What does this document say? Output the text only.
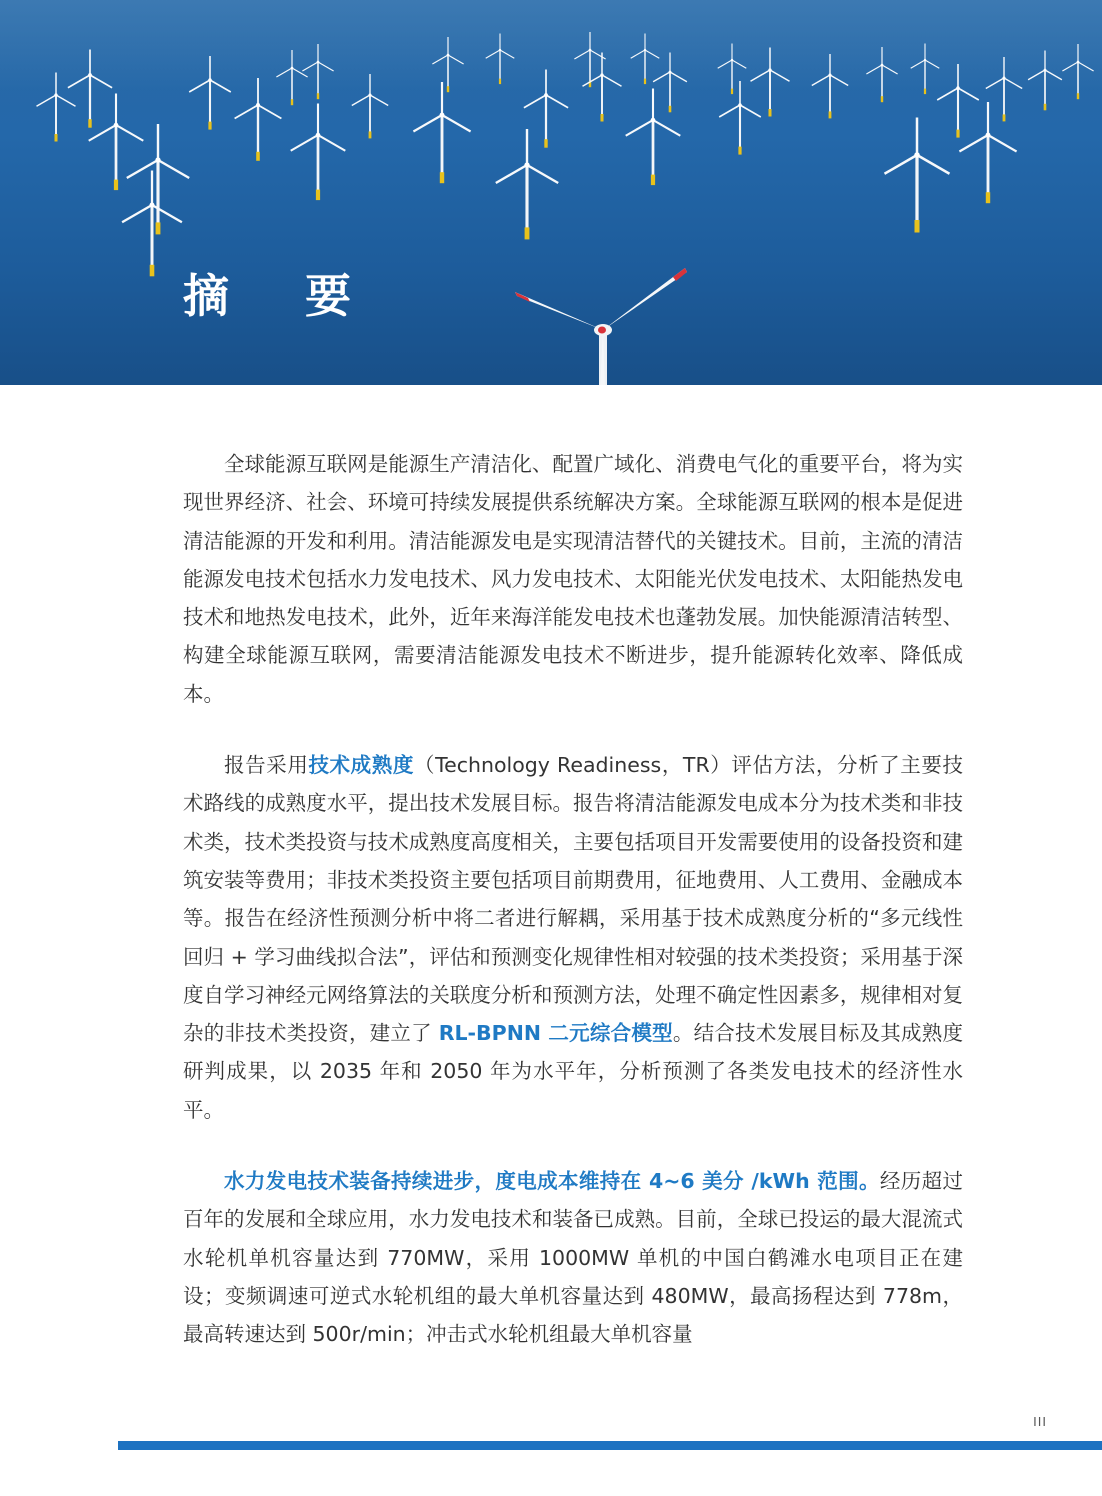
摘 要

全球能源互联网是能源生产清洁化、配置广域化、消费电气化的重要平台，将为实现世界经济、社会、环境可持续发展提供系统解决方案。全球能源互联网的根本是促进清洁能源的开发和利用。清洁能源发电是实现清洁替代的关键技术。目前，主流的清洁能源发电技术包括水力发电技术、风力发电技术、太阳能光伏发电技术、太阳能热发电技术和地热发电技术，此外，近年来海洋能发电技术也蓬勃发展。加快能源清洁转型、构建全球能源互联网，需要清洁能源发电技术不断进步，提升能源转化效率、降低成本。

报告采用技术成熟度（Technology Readiness，TR）评估方法，分析了主要技术路线的成熟度水平，提出技术发展目标。报告将清洁能源发电成本分为技术类和非技术类，技术类投资与技术成熟度高度相关，主要包括项目开发需要使用的设备投资和建筑安装等费用；非技术类投资主要包括项目前期费用，征地费用、人工费用、金融成本等。报告在经济性预测分析中将二者进行解耦，采用基于技术成熟度分析的“多元线性回归 + 学习曲线拟合法”，评估和预测变化规律性相对较强的技术类投资；采用基于深度自学习神经元网络算法的关联度分析和预测方法，处理不确定性因素多，规律相对复杂的非技术类投资，建立了 RL-BPNN 二元综合模型。结合技术发展目标及其成熟度研判成果，以 2035 年和 2050 年为水平年，分析预测了各类发电技术的经济性水平。

水力发电技术装备持续进步，度电成本维持在 4~6 美分 /kWh 范围。经历超过百年的发展和全球应用，水力发电技术和装备已成熟。目前，全球已投运的最大混流式水轮机单机容量达到 770MW，采用 1000MW 单机的中国白鹤滩水电项目正在建设；变频调速可逆式水轮机组的最大单机容量达到 480MW，最高扬程达到 778m，最高转速达到 500r/min；冲击式水轮机组最大单机容量

III
